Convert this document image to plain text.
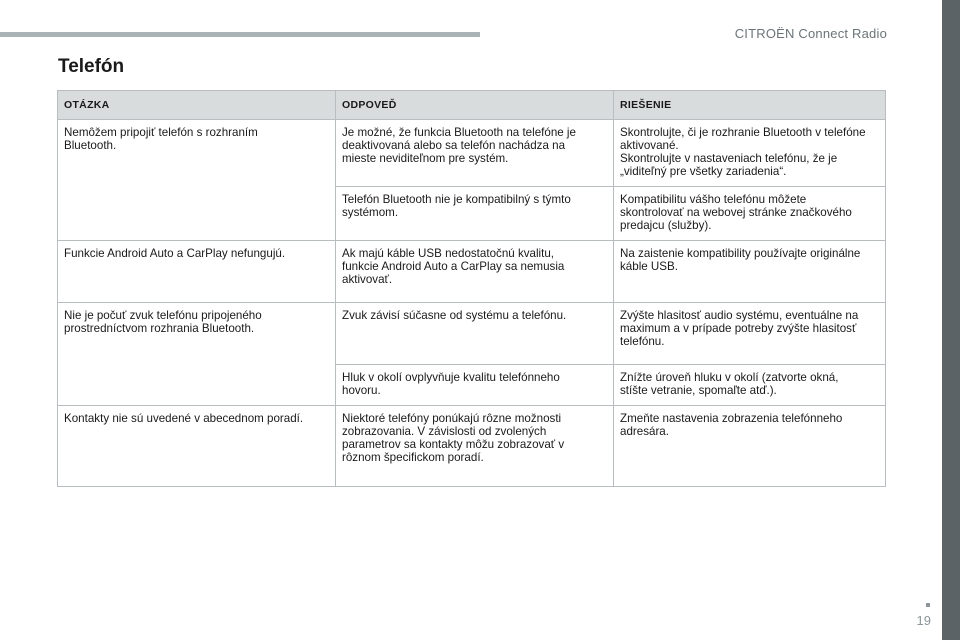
CITROËN Connect Radio
Telefón
OTÁZKA	ODPOVEĎ	RIEŠENIE

Nemôžem pripojiť telefón s rozhraním
Bluetooth.	Je možné, že funkcia Bluetooth na telefóne je
deaktivovaná alebo sa telefón nachádza na
mieste neviditeľnom pre systém.	Skontrolujte, či je rozhranie Bluetooth v telefóne
aktivované.
Skontrolujte v nastaveniach telefónu, že je
„viditeľný pre všetky zariadenia“.

	Telefón Bluetooth nie je kompatibilný s týmto
systémom.	Kompatibilitu vášho telefónu môžete
skontrolovať na webovej stránke značkového
predajcu (služby).

Funkcie Android Auto a CarPlay nefungujú.	Ak majú káble USB nedostatočnú kvalitu,
funkcie Android Auto a CarPlay sa nemusia
aktivovať.	Na zaistenie kompatibility používajte originálne
káble USB.

Nie je počuť zvuk telefónu pripojeného
prostredníctvom rozhrania Bluetooth.	Zvuk závisí súčasne od systému a telefónu.	Zvýšte hlasitosť audio systému, eventuálne na
maximum a v prípade potreby zvýšte hlasitosť
telefónu.

	Hluk v okolí ovplyvňuje kvalitu telefónneho
hovoru.	Znížte úroveň hluku v okolí (zatvorte okná,
stíšte vetranie, spomaľte atď.).

Kontakty nie sú uvedené v abecednom poradí.	Niektoré telefóny ponúkajú rôzne možnosti
zobrazovania. V závislosti od zvolených
parametrov sa kontakty môžu zobrazovať v
rôznom špecifickom poradí.	Zmeňte nastavenia zobrazenia telefónneho
adresára.
19
